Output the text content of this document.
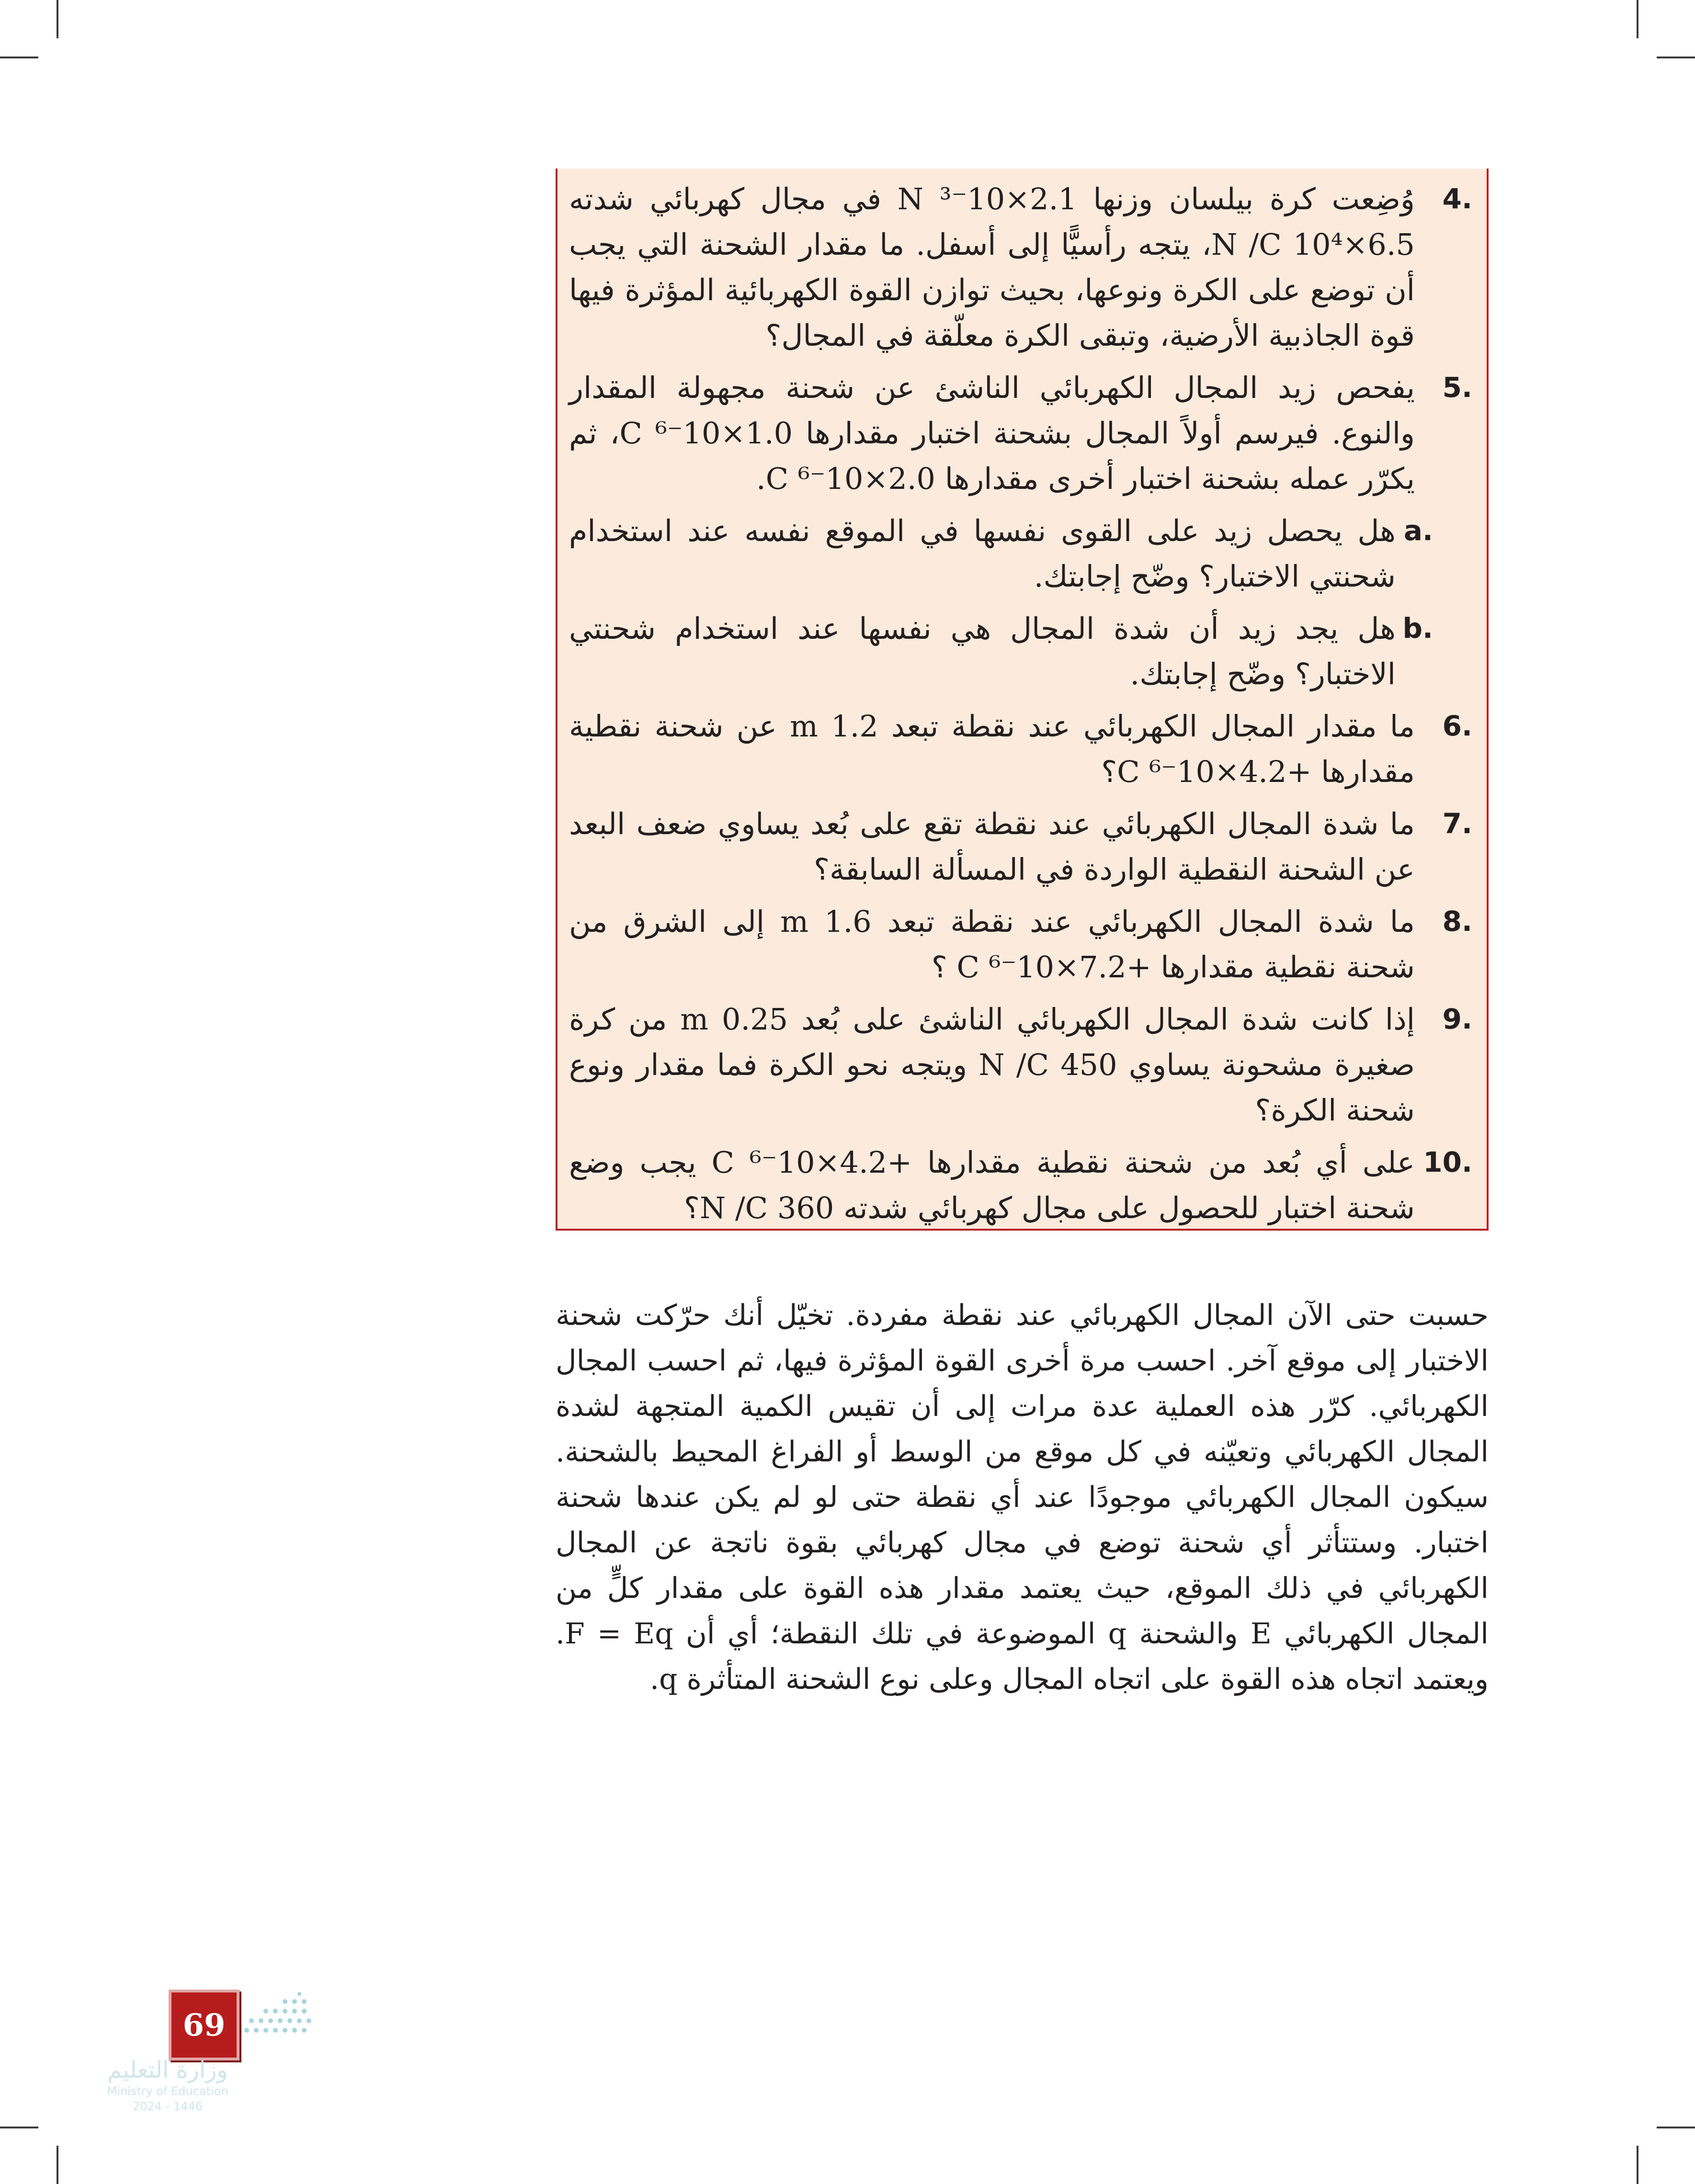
4.
وُضِعت كرة بيلسان وزنها 2.1×10⁻³ N في مجال كهربائي شدته 6.5×10⁴ N /C، يتجه رأسيًّا إلى أسفل. ما مقدار الشحنة التي يجب أن توضع على الكرة ونوعها، بحيث توازن القوة الكهربائية المؤثرة فيها قوة الجاذبية الأرضية، وتبقى الكرة معلّقة في المجال؟
5.
يفحص زيد المجال الكهربائي الناشئ عن شحنة مجهولة المقدار والنوع. فيرسم أولاً المجال بشحنة اختبار مقدارها 1.0×10⁻⁶ C، ثم يكرّر عمله بشحنة اختبار أخرى مقدارها 2.0×10⁻⁶ C.
a.
هل يحصل زيد على القوى نفسها في الموقع نفسه عند استخدام شحنتي الاختبار؟ وضّح إجابتك.
b.
هل يجد زيد أن شدة المجال هي نفسها عند استخدام شحنتي الاختبار؟ وضّح إجابتك.
6.
ما مقدار المجال الكهربائي عند نقطة تبعد 1.2 m عن شحنة نقطية مقدارها +4.2×10⁻⁶ C؟
7.
ما شدة المجال الكهربائي عند نقطة تقع على بُعد يساوي ضعف البعد عن الشحنة النقطية الواردة في المسألة السابقة؟
8.
ما شدة المجال الكهربائي عند نقطة تبعد 1.6 m إلى الشرق من شحنة نقطية مقدارها +7.2×10⁻⁶ C ؟
9.
إذا كانت شدة المجال الكهربائي الناشئ على بُعد 0.25 m من كرة صغيرة مشحونة يساوي 450 N /C ويتجه نحو الكرة فما مقدار ونوع شحنة الكرة؟
10.
على أي بُعد من شحنة نقطية مقدارها +4.2×10⁻⁶ C يجب وضع شحنة اختبار للحصول على مجال كهربائي شدته 360 N /C؟

حسبت حتى الآن المجال الكهربائي عند نقطة مفردة. تخيّل أنك حرّكت شحنة الاختبار إلى موقع آخر. احسب مرة أخرى القوة المؤثرة فيها، ثم احسب المجال الكهربائي. كرّر هذه العملية عدة مرات إلى أن تقيس الكمية المتجهة لشدة المجال الكهربائي وتعيّنه في كل موقع من الوسط أو الفراغ المحيط بالشحنة. سيكون المجال الكهربائي موجودًا عند أي نقطة حتى لو لم يكن عندها شحنة اختبار. وستتأثر أي شحنة توضع في مجال كهربائي بقوة ناتجة عن المجال الكهربائي في ذلك الموقع، حيث يعتمد مقدار هذه القوة على مقدار كلٍّ من المجال الكهربائي E والشحنة q الموضوعة في تلك النقطة؛ أي أن F = Eq. ويعتمد اتجاه هذه القوة على اتجاه المجال وعلى نوع الشحنة المتأثرة q.

69
وزارة التعليم
Ministry of Education
2024 - 1446
